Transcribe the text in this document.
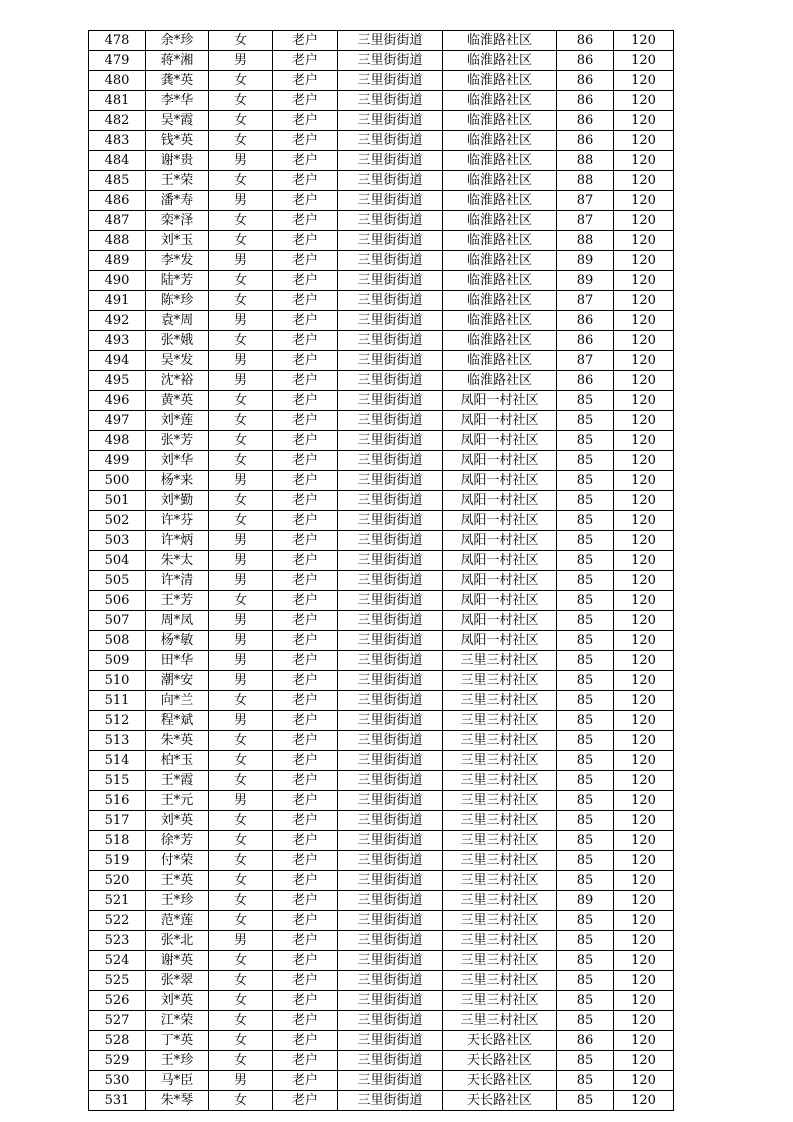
478	余*珍	女	老户	三里街街道	临淮路社区	86	120
479	蒋*湘	男	老户	三里街街道	临淮路社区	86	120
480	龚*英	女	老户	三里街街道	临淮路社区	86	120
481	李*华	女	老户	三里街街道	临淮路社区	86	120
482	吴*霞	女	老户	三里街街道	临淮路社区	86	120
483	钱*英	女	老户	三里街街道	临淮路社区	86	120
484	谢*贵	男	老户	三里街街道	临淮路社区	88	120
485	王*荣	女	老户	三里街街道	临淮路社区	88	120
486	潘*寿	男	老户	三里街街道	临淮路社区	87	120
487	栾*泽	女	老户	三里街街道	临淮路社区	87	120
488	刘*玉	女	老户	三里街街道	临淮路社区	88	120
489	李*发	男	老户	三里街街道	临淮路社区	89	120
490	陆*芳	女	老户	三里街街道	临淮路社区	89	120
491	陈*珍	女	老户	三里街街道	临淮路社区	87	120
492	袁*周	男	老户	三里街街道	临淮路社区	86	120
493	张*娥	女	老户	三里街街道	临淮路社区	86	120
494	吴*发	男	老户	三里街街道	临淮路社区	87	120
495	沈*裕	男	老户	三里街街道	临淮路社区	86	120
496	黄*英	女	老户	三里街街道	凤阳一村社区	85	120
497	刘*莲	女	老户	三里街街道	凤阳一村社区	85	120
498	张*芳	女	老户	三里街街道	凤阳一村社区	85	120
499	刘*华	女	老户	三里街街道	凤阳一村社区	85	120
500	杨*来	男	老户	三里街街道	凤阳一村社区	85	120
501	刘*勤	女	老户	三里街街道	凤阳一村社区	85	120
502	许*芬	女	老户	三里街街道	凤阳一村社区	85	120
503	许*炳	男	老户	三里街街道	凤阳一村社区	85	120
504	朱*太	男	老户	三里街街道	凤阳一村社区	85	120
505	许*清	男	老户	三里街街道	凤阳一村社区	85	120
506	王*芳	女	老户	三里街街道	凤阳一村社区	85	120
507	周*凤	男	老户	三里街街道	凤阳一村社区	85	120
508	杨*敏	男	老户	三里街街道	凤阳一村社区	85	120
509	田*华	男	老户	三里街街道	三里三村社区	85	120
510	潮*安	男	老户	三里街街道	三里三村社区	85	120
511	向*兰	女	老户	三里街街道	三里三村社区	85	120
512	程*斌	男	老户	三里街街道	三里三村社区	85	120
513	朱*英	女	老户	三里街街道	三里三村社区	85	120
514	柏*玉	女	老户	三里街街道	三里三村社区	85	120
515	王*霞	女	老户	三里街街道	三里三村社区	85	120
516	王*元	男	老户	三里街街道	三里三村社区	85	120
517	刘*英	女	老户	三里街街道	三里三村社区	85	120
518	徐*芳	女	老户	三里街街道	三里三村社区	85	120
519	付*荣	女	老户	三里街街道	三里三村社区	85	120
520	王*英	女	老户	三里街街道	三里三村社区	85	120
521	王*珍	女	老户	三里街街道	三里三村社区	89	120
522	范*莲	女	老户	三里街街道	三里三村社区	85	120
523	张*北	男	老户	三里街街道	三里三村社区	85	120
524	谢*英	女	老户	三里街街道	三里三村社区	85	120
525	张*翠	女	老户	三里街街道	三里三村社区	85	120
526	刘*英	女	老户	三里街街道	三里三村社区	85	120
527	江*荣	女	老户	三里街街道	三里三村社区	85	120
528	丁*英	女	老户	三里街街道	天长路社区	86	120
529	王*珍	女	老户	三里街街道	天长路社区	85	120
530	马*臣	男	老户	三里街街道	天长路社区	85	120
531	朱*琴	女	老户	三里街街道	天长路社区	85	120
